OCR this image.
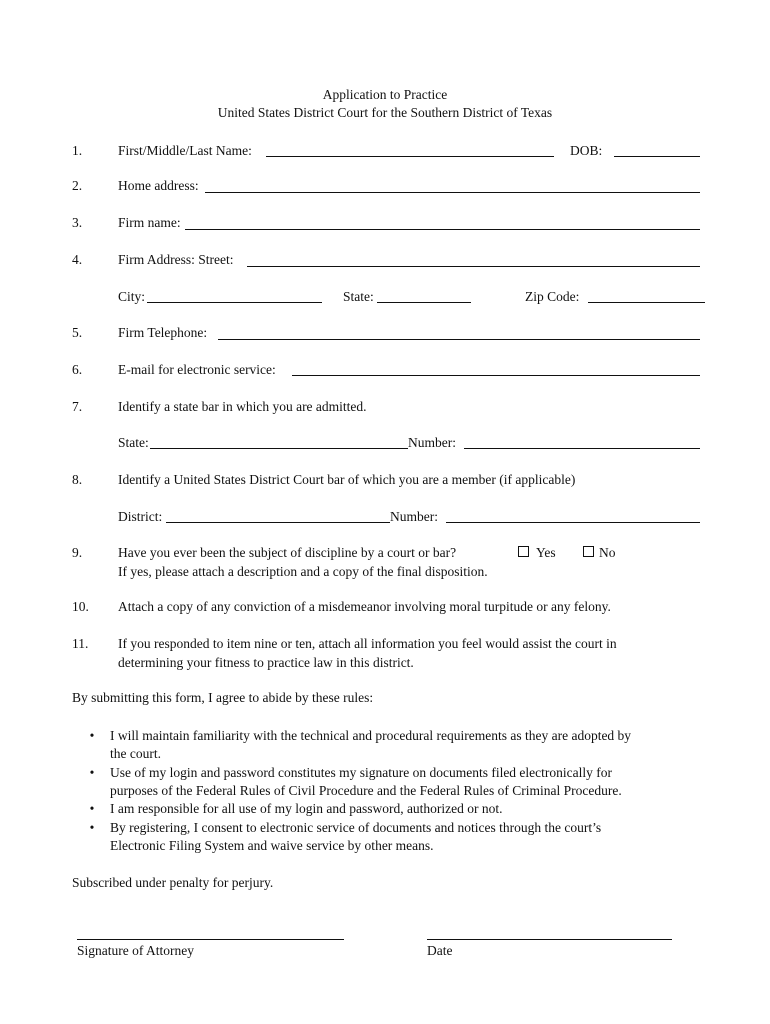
Application to Practice
United States District Court for the Southern District of Texas
1.	First/Middle/Last Name:	DOB:
2.	Home address:
3.	Firm name:
4.	Firm Address: Street:
City:	State:	Zip Code:
5.	Firm Telephone:
6.	E-mail for electronic service:
7.	Identify a state bar in which you are admitted.
State:	Number:
8.	Identify a United States District Court bar of which you are a member (if applicable)
District:	Number:
9.	Have you ever been the subject of discipline by a court or bar?	Yes	No
If yes, please attach a description and a copy of the final disposition.
10. Attach a copy of any conviction of a misdemeanor involving moral turpitude or any felony.
11. If you responded to item nine or ten, attach all information you feel would assist the court in
determining your fitness to practice law in this district.
By submitting this form, I agree to abide by these rules:
• I will maintain familiarity with the technical and procedural requirements as they are adopted by
the court.
• Use of my login and password constitutes my signature on documents filed electronically for
purposes of the Federal Rules of Civil Procedure and the Federal Rules of Criminal Procedure.
• I am responsible for all use of my login and password, authorized or not.
• By registering, I consent to electronic service of documents and notices through the court’s
Electronic Filing System and waive service by other means.
Subscribed under penalty for perjury.
Signature of Attorney	Date
